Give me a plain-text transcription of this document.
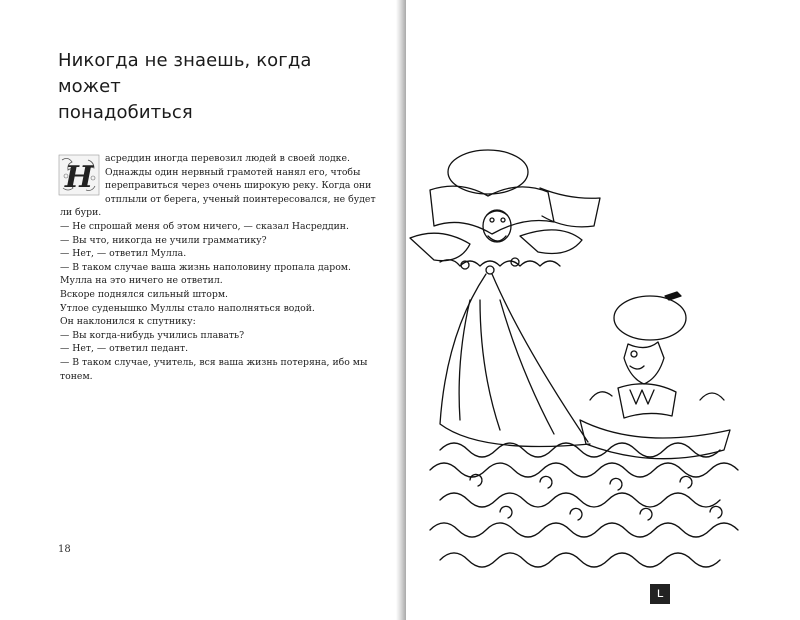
Никогда не знаешь, когда может
понадобиться
Н
асреддин иногда перевозил людей в своей лодке. Однажды один нервный грамотей нанял его, чтобы переправиться через очень широкую реку. Когда они отплыли от берега, ученый поинтересовался, не будет ли бури.
— Не спрошай меня об этом ничего, — сказал Насреддин.
— Вы что, никогда не учили грамматику?
— Нет, — ответил Мулла.
— В таком случае ваша жизнь наполовину пропала даром.
Мулла на это ничего не ответил.
Вскоре поднялся сильный шторм.
Утлое суденышко Муллы стало наполняться водой.
Он наклонился к спутнику:
— Вы когда-нибудь учились плавать?
— Нет, — ответил педант.
— В таком случае, учитель, вся ваша жизнь потеряна, ибо мы тонем.
18
ʟ
